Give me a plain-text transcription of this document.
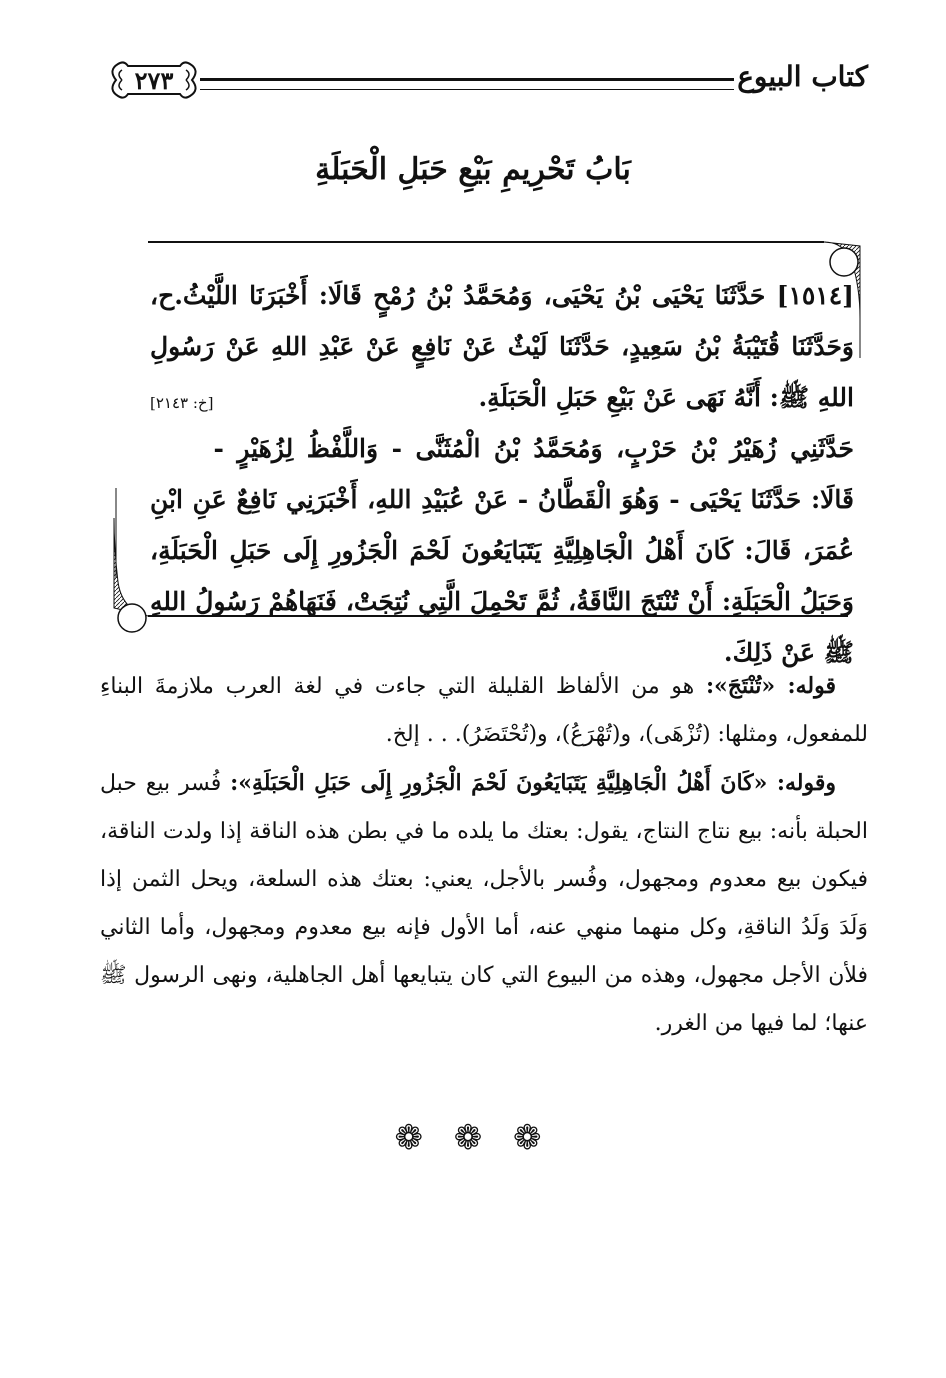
كتاب البيوع
٢٧٣
بَابُ تَحْرِيمِ بَيْعِ حَبَلِ الْحَبَلَةِ

[١٥١٤] حَدَّثَنَا يَحْيَى بْنُ يَحْيَى، وَمُحَمَّدُ بْنُ رُمْحٍ قَالَا: أَخْبَرَنَا اللَّيْثُ.ح، وَحَدَّثَنَا قُتَيْبَةُ بْنُ سَعِيدٍ، حَدَّثَنَا لَيْثٌ عَنْ نَافِعٍ عَنْ عَبْدِ اللهِ عَنْ رَسُولِ اللهِ ﷺ: أَنَّهُ نَهَى عَنْ بَيْعِ حَبَلِ الْحَبَلَةِ.
[خ: ٢١٤٣]

حَدَّثَنِي زُهَيْرُ بْنُ حَرْبٍ، وَمُحَمَّدُ بْنُ الْمُثَنَّى - وَاللَّفْظُ لِزُهَيْرٍ - قَالَا: حَدَّثَنَا يَحْيَى - وَهُوَ الْقَطَّانُ - عَنْ عُبَيْدِ اللهِ، أَخْبَرَنِي نَافِعٌ عَنِ ابْنِ عُمَرَ، قَالَ: كَانَ أَهْلُ الْجَاهِلِيَّةِ يَتَبَايَعُونَ لَحْمَ الْجَزُورِ إِلَى حَبَلِ الْحَبَلَةِ، وَحَبَلُ الْحَبَلَةِ: أَنْ تُنْتَجَ النَّاقَةُ، ثُمَّ تَحْمِلَ الَّتِي نُتِجَتْ، فَنَهَاهُمْ رَسُولُ اللهِ ﷺ عَنْ ذَلِكَ.

قوله: «تُنْتَجَ»: هو من الألفاظ القليلة التي جاءت في لغة العرب ملازمةَ البناءِ للمفعول، ومثلها: (تُزْهَى)، و(تُهْرَعُ)، و(تُحْتَضَرُ). . . إلخ.

وقوله: «كَانَ أَهْلُ الْجَاهِلِيَّةِ يَتَبَايَعُونَ لَحْمَ الْجَزُورِ إِلَى حَبَلِ الْحَبَلَةِ»: فُسر بيع حبل الحبلة بأنه: بيع نتاج النتاج، يقول: بعتك ما يلده ما في بطن هذه الناقة إذا ولدت الناقة، فيكون بيع معدوم ومجهول، وفُسر بالأجل، يعني: بعتك هذه السلعة، ويحل الثمن إذا وَلَدَ وَلَدُ الناقةِ، وكل منهما منهي عنه، أما الأول فإنه بيع معدوم ومجهول، وأما الثاني فلأن الأجل مجهول، وهذه من البيوع التي كان يتبايعها أهل الجاهلية، ونهى الرسول ﷺ عنها؛ لما فيها من الغرر.

❁ ❁ ❁
